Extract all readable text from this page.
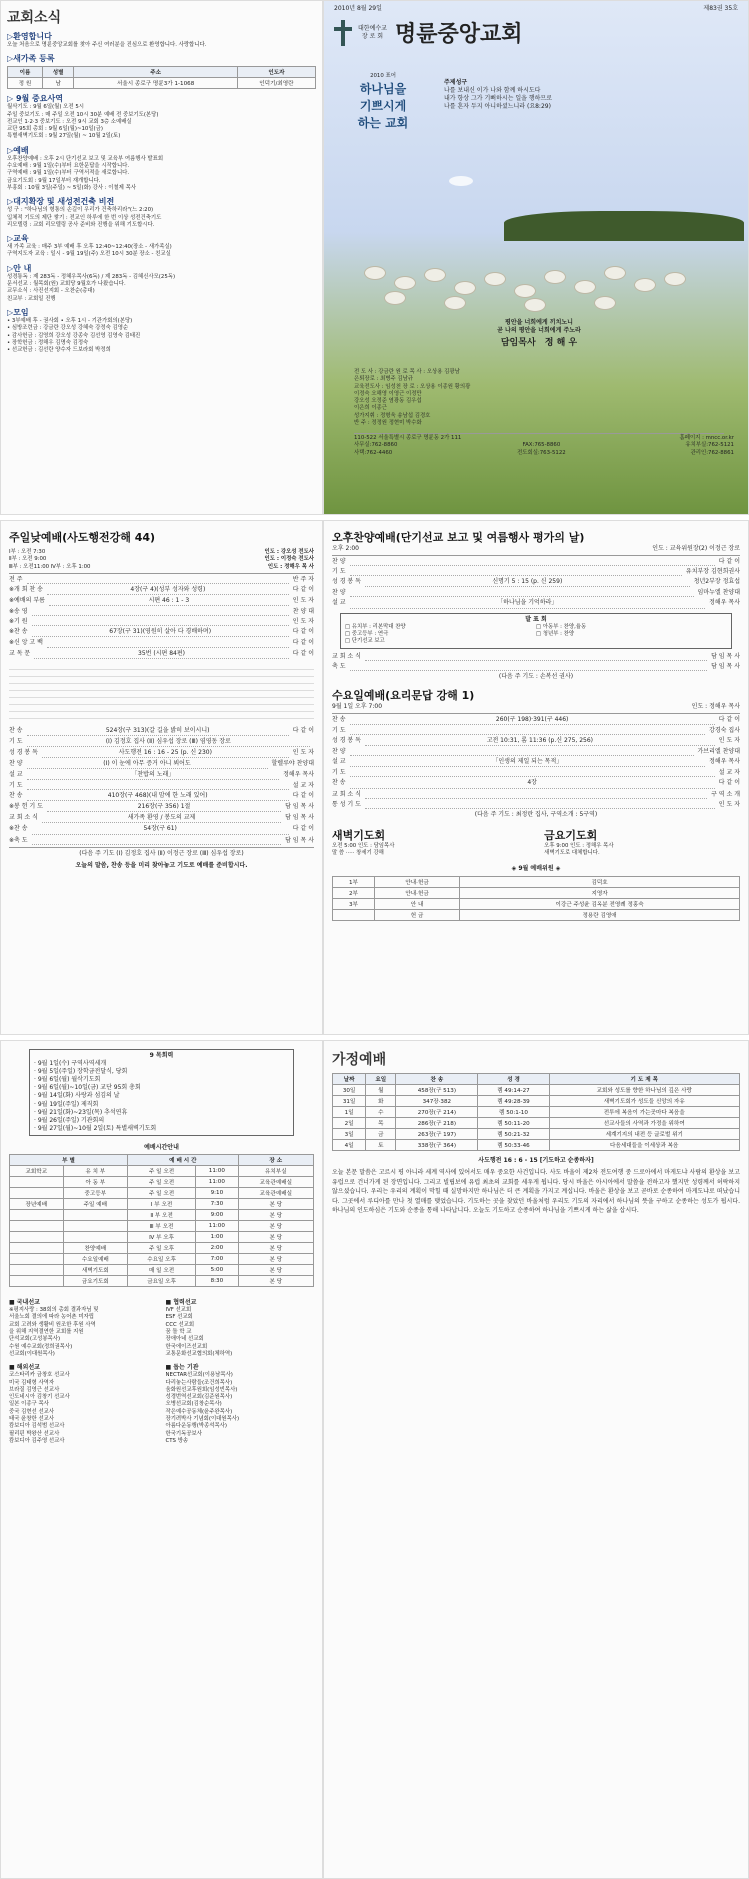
교회소식
▷환영합니다
오늘 처음으로 명륜중앙교회를 찾아 주신 여러분을 진심으로 환영합니다. 사랑합니다.
▷새가족 등록
이름	성별	주소	인도자
정 원	남	서울시 종로구 명륜3가 1-1068	인덕기/최영란
▷ 9월 중요사역
월삭기도 : 9월 6일(월) 오전 5시
주일 중보기도 : 매 주일 오전 10시 30분 예배 전 중보기도(본당)
전교인 1·2·3 중보기도 : 오전 9시 교회 3층 소예배실
교단 95회 총회 : 9월 6일(월)~10일(금)
특별새벽기도회 : 9월 27일(월) ~ 10월 2일(토)
▷예배
오후찬양예배 : 오후 2시 단기선교 보고 및 교육부 여름행사 발표회
수요예배 : 9월 1일(수)부터 요한문답을 시작합니다.
구역예배 : 9월 1일(수)부터 구역서적을 새로합니다.
금요기도회 : 9월 17일부터 재개합니다.
부흥회 : 10월 3일(주일) ~ 5일(화) 강사 : 이철제 목사
▷대지확장 및 새성전건축 비전
성 구 : "하나님의 형통의 손길이 우리가 건축하리라"(느 2:20)
입체적 기도의 제단 쌓기 : 전교인 하루에 한 번 이상 성전건축기도
리모델링 : 교회 리모델링 공사 준비와 진행을 위해 기도합시다.
▷교육
새 가족 교육 : 매주 3부 예배 후 오후 12:40~12:40(장소 - 새가족실)
구역지도자 교육 : 일시 - 9월 19일(주) 오전 10시 30분 장소 - 친교실
▷안 내
성경통독 : 제 283독 - 정혜우목사(6독) / 제 283독 - 김혜신사모(25독)
문서선교 : 월목회(원) 교회당 9월호가 나왔습니다.
교무소식 : 사진선지회 - 오찬순(총대)
친교부 : 교회일 진행
▷모임
• 3부예배 후 - 권사회 • 오후 1시 - 기관가회의(본당)
• 심방조련금 : 강금란 강오성 강혜숙 강정숙 김영순
• 감사헌금 : 김영희 강오성 강종숙 김선영 김영숙 김태진
• 장학헌금 : 정해우 김명숙 김정숙
• 선교헌금 : 김선란 양수자 드보라회 박정희
2010년 8월 29일	제83권 35호
대한예수교
장 로 회 명륜중앙교회
2010 표어
하나님을
기쁘시게
하는 교회
주제성구
나를 보내신 이가 나와 함께 하시도다
내가 항상 그가 기뻐하시는 일을 행하므로
나를 혼자 두지 아니하셨느니라 (요8:29)
평안을 너희에게 끼치노니
곧 나의 평안을 너희에게 주노라
담임목사 정 해 우
전 도 사 : 강금란 원 로 목 사 : 오상용 김광남
은퇴장로 : 최병주 김남규
교육전도사 : 임성천 장 로 : 오상용 이종원 황의광
이정숙 오해영 이영근 이정만
강오성 오정준 염광동 김우섭
이은희 이종근
성가지휘 : 정형욱 송남섭 김경호
반 주 : 정정원 정현미 박수화
110-522 서울특별시 종로구 명륜동 2가 111	홈페이지 : mncc.or.kr
사무실:762-8860	FAX:765-8860	유치부실:762-5121
사택:762-4460	전도회실:763-5122	관리인:762-8861
주일낮예배(사도행전강해 44)
Ⅰ부 : 오전 7:30	인도 : 강오성 전도사
Ⅱ부 : 오전 9:00	인도 : 이정숙 전도사
Ⅲ부 : 오전11:00 Ⅳ부 : 오후 1:00	인도 : 정해우 목 사
전 주	반 주 자
※개 회 찬 송	4장(구 4)(성부 성자와 성령)	다 같 이
※예배의 부름	시편 46 : 1 - 3	인 도 자
※송 영	찬 양 대
※기 원	인 도 자
※찬 송	67장(구 31)(영원히 살아 다 경배하며)	다 같 이
※신 앙 고 백	다 같 이
교 독 문	35번 (시편 84편)	다 같 이
찬 송	524장(구 313)(갈 길을 밝히 보이시니)	다 같 이
기 도	(Ⅰ) 김정호 집사 (Ⅱ) 심우섭 장로 (Ⅲ) 염영동 장로
성 경 봉 독	사도행전 16 : 16 - 25 (p. 신 230)	인 도 자
찬 양	(Ⅰ) 이 눈에 아무 증거 아니 뵈어도	할렐루야 찬양대
설 교	「찬밥의 노래」	정해우 목사
기 도	설 교 자
찬 송	410장(구 468)(내 맘에 한 노래 있어)	다 같 이
※봉 헌 기 도	216장(구 356) 1절	담 임 목 사
교 회 소 식	새가족 환영 / 봉도의 교제	담 임 목 사
※찬 송	54장(구 61)	다 같 이
※축 도	담 임 목 사
(다음 주 기도 (Ⅰ) 김정호 집사 (Ⅱ) 이정근 장로 (Ⅲ) 심우섭 장로)
오늘의 말씀, 찬송 등을 미리 찾아놓고 기도로 예배를 준비합시다.
오후찬양예배(단기선교 보고 및 여름행사 평가의 날)
오후 2:00	인도 : 교육위원장(2) 이정근 장로
찬 양	다 같 이
기 도	유치부장 김현희권사
성 경 봉 독	신명기 5 : 15 (p. 신 259)	청년2부장 정효섭
찬 양	임마누엘 찬양대
설 교	「하나님을 기억하라」	정해우 목사
발 표 회
□ 유치부 : 리본막대 찬양	□ 아동부 : 찬양,율동
□ 중고등부 : 연극	□ 청년부 : 찬양
□ 단기선교 보고
교 회 소 식	담 임 목 사
축 도	담 임 목 사
(다음 주 기도 : 손복선 권사)
수요일예배(요리문답 강해 1)
9월 1일 오후 7:00	인도 : 정해우 목사
찬 송	260(구 198)·391(구 446)	다 같 이
기 도	강경숙 집사
성 경 봉 독	고전 10:31, 롬 11:36 (p.신 275, 256)	인 도 자
찬 양	가브리엘 찬양대
설 교	「인생의 제일 되는 목적」	정해우 목사
기 도	설 교 자
찬 송	4장	다 같 이
교 회 소 식	구 역 소 개
통 성 기 도	인 도 자
(다음 주 기도 : 최정란 집사, 구역소개 : 5구역)
새벽기도회
오전 5:00 인도 : 담임목사
말 씀 ····· 창세기 강해
금요기도회
오후 9:00 인도 : 정해우 목사
새벽기도로 대체합니다.
◈ 9월 예배위원 ◈
1부	안내·헌금	김덕호
2부	안내·헌금	지영자
3부	안 내	이강근 주성윤 김옥분 전영례 정홍숙
	헌 금	정용란 김영애
9 목회력
· 9월 1일(수) 구역사역세개
· 9월 5일(주일) 장학금전달식, 당회
· 9월 6일(월) 월삭기도회
· 9월 6일(월)~10일(금) 교단 95회 총회
· 9월 14일(화) 사랑과 섬김의 날
· 9월 19일(주일) 제직회
· 9월 21일(화)~23일(목) 추석연휴
· 9월 26일(주일) 기관회의
· 9월 27일(월)~10월 2일(토) 특별새벽기도회
예배시간안내
부 별		예 배 시 간		장 소
교회학교	유 치 부	주 일 오전	11:00	유치부실
	아 동 부	주 일 오전	11:00	교육관예배실
	중고등부	주 일 오전	9:10	교육관예배실
장년예배	주일 예배	Ⅰ 부 오전	7:30	본 당
		Ⅱ 부 오전	9:00	본 당
		Ⅲ 부 오전	11:00	본 당
		Ⅳ 부 오후	1:00	본 당
	찬양예배	주 일 오후	2:00	본 당
	수요일예배	수요일 오후	7:00	본 당
	새벽기도회	매 일 오전	5:00	본 당
	금요기도회	금요일 오후	8:30	본 당
■ 국내선교
※평지사랑 : 38회의 총회 결과자님 및
서울노회 결의에 따라 농어촌 미자립
교회 고려와 생활비 원조한 후원 사역
을 위해 지역결연한 교회를 지원
단석교회(고성봉목사)
수원 예수교회(정희권목사)
선교회(이대원목사)
■ 해외선교
코스타리카 금창호 선교사
미국 김태형 사역자
브라질 김영근 선교사
인도네시아 김창기 선교사
일본 이종구 목사
중국 김현선 선교사
태국 윤창한 선교사
캄보디아 김석범 선교사
필리핀 박왕산 선교사
캄보디아 김주영 선교사
■ 협력선교
IVF 선교회
ESF 선교회
CCC 선교회
꿈 돌 학 교
장애아네 선교회
한국에이즈선교회
교통문화선교협의회(체하역)
■ 돕는 기관
NECTAR선교회(이용남목사)
다리놓는사람들(조건희목사)
움화원선교후원회(임성빈목사)
성경번역선교회(김준원목사)
오병선교회(김창순목사)
작은예수공동체(윤주완목사)
장기려박사 기념회(이대원목사)
아름다운동행(박종석목사)
한국기독공보사
CTS 방송
가정예배
날짜	요일	찬 송	성 경	기 도 제 목
30일	월	458장(구 513)	렘 49:14-27	교회와 성도를 향한 하나님의 깊은 사랑
31일	화	347장·382	렘 49:28-39	새벽기도회가 성도들 신앙의 자유
1일	수	270장(구 214)	렘 50:1-10	전투에 복음이 가는곳마다 복음을
2일	목	286장(구 218)	렘 50:11-20	선교사들의 사역과 가정을 위하여
3일	금	263장(구 197)	렘 50:21-32	세계기지의 내전 등 글로벌 위기
4일	토	338장(구 364)	렘 50:33-46	다음세대들을 이세상과 복음
사도행전 16 : 6 - 15 [기도하고 순종하자]
오늘 본문 말씀은 고르시 평 아니라 세계 역사에 있어서도 매우 중요한 사건입니다. 사도 바울이 제2차 전도여행 중 드로아에서 마게도냐 사람의 환상을 보고 유럽으로 건너가게 된 장면입니다. 그리고 빌립보에 유럽 최초의 교회를 세우게 됩니다. 당시 바울은 아시아에서 말씀을 전하고자 했지만 성령께서 허락하지 않으셨습니다. 우리는 우리의 계획이 막힐 때 실망하지만 하나님은 더 큰 계획을 가지고 계십니다. 바울은 환상을 보고 곧바로 순종하여 마게도냐로 떠났습니다. 그곳에서 루디아를 만나 첫 열매를 맺었습니다. 기도하는 곳을 찾았던 바울처럼 우리도 기도의 자리에서 하나님의 뜻을 구하고 순종하는 성도가 됩시다. 하나님의 인도하심은 기도와 순종을 통해 나타납니다. 오늘도 기도하고 순종하여 하나님을 기쁘시게 하는 삶을 삽시다.
